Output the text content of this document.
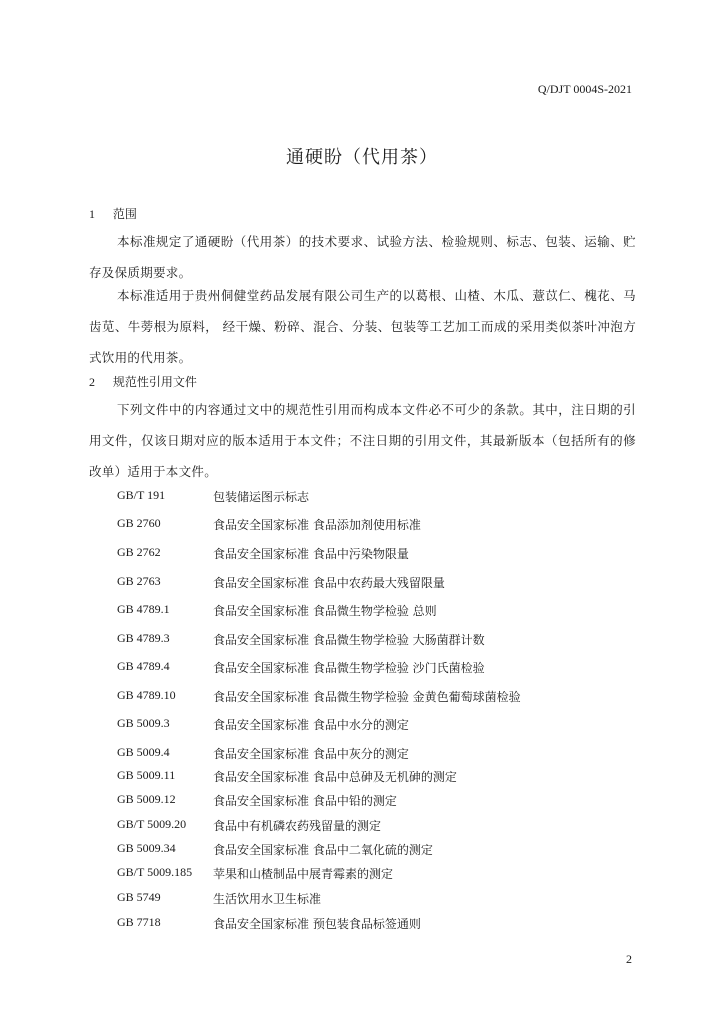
Q/DJT 0004S-2021
通硬盼（代用茶）
1 范围
本标准规定了通硬盼（代用茶）的技术要求、试验方法、检验规则、标志、包装、运输、贮存及保质期要求。
本标准适用于贵州侗健堂药品发展有限公司生产的以葛根、山楂、木瓜、薏苡仁、槐花、马齿苋、牛蒡根为原料， 经干燥、粉碎、混合、分装、包装等工艺加工而成的采用类似茶叶冲泡方式饮用的代用茶。
2 规范性引用文件
下列文件中的内容通过文中的规范性引用而构成本文件必不可少的条款。其中，注日期的引用文件，仅该日期对应的版本适用于本文件；不注日期的引用文件，其最新版本（包括所有的修改单）适用于本文件。
GB/T 191	包装储运图示标志
GB 2760	食品安全国家标准 食品添加剂使用标准
GB 2762	食品安全国家标准 食品中污染物限量
GB 2763	食品安全国家标准 食品中农药最大残留限量
GB 4789.1	食品安全国家标准 食品微生物学检验 总则
GB 4789.3	食品安全国家标准 食品微生物学检验 大肠菌群计数
GB 4789.4	食品安全国家标准 食品微生物学检验 沙门氏菌检验
GB 4789.10	食品安全国家标准 食品微生物学检验 金黄色葡萄球菌检验
GB 5009.3	食品安全国家标准 食品中水分的测定
GB 5009.4	食品安全国家标准 食品中灰分的测定
GB 5009.11	食品安全国家标准 食品中总砷及无机砷的测定
GB 5009.12	食品安全国家标准 食品中铅的测定
GB/T 5009.20 食品中有机磷农药残留量的测定
GB 5009.34	食品安全国家标准 食品中二氧化硫的测定
GB/T 5009.185 苹果和山楂制品中展青霉素的测定
GB 5749	生活饮用水卫生标准
GB 7718	食品安全国家标准 预包装食品标签通则
2
